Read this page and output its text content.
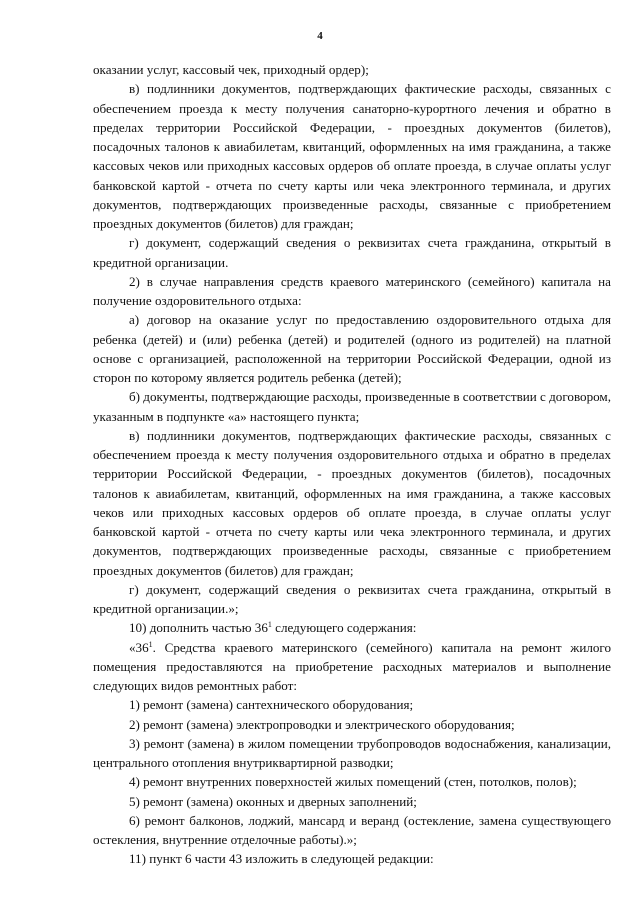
4

оказании услуг, кассовый чек, приходный ордер);

в) подлинники документов, подтверждающих фактические расходы, связанных с обеспечением проезда к месту получения санаторно-курортного лечения и обратно в пределах территории Российской Федерации, - проездных документов (билетов), посадочных талонов к авиабилетам, квитанций, оформленных на имя гражданина, а также кассовых чеков или приходных кассовых ордеров об оплате проезда, в случае оплаты услуг банковской картой - отчета по счету карты или чека электронного терминала, и других документов, подтверждающих произведенные расходы, связанные с приобретением проездных документов (билетов) для граждан;

г) документ, содержащий сведения о реквизитах счета гражданина, открытый в кредитной организации.

2) в случае направления средств краевого материнского (семейного) капитала на получение оздоровительного отдыха:

а) договор на оказание услуг по предоставлению оздоровительного отдыха для ребенка (детей) и (или) ребенка (детей) и родителей (одного из родителей) на платной основе с организацией, расположенной на территории Российской Федерации, одной из сторон по которому является родитель ребенка (детей);

б) документы, подтверждающие расходы, произведенные в соответствии с договором, указанным в подпункте «а» настоящего пункта;

в) подлинники документов, подтверждающих фактические расходы, связанных с обеспечением проезда к месту получения оздоровительного отдыха и обратно в пределах территории Российской Федерации, - проездных документов (билетов), посадочных талонов к авиабилетам, квитанций, оформленных на имя гражданина, а также кассовых чеков или приходных кассовых ордеров об оплате проезда, в случае оплаты услуг банковской картой - отчета по счету карты или чека электронного терминала, и других документов, подтверждающих произведенные расходы, связанные с приобретением проездных документов (билетов) для граждан;

г) документ, содержащий сведения о реквизитах счета гражданина, открытый в кредитной организации.»;

10) дополнить частью $36^1$ следующего содержания:

«$36^1$. Средства краевого материнского (семейного) капитала на ремонт жилого помещения предоставляются на приобретение расходных материалов и выполнение следующих видов ремонтных работ:

1) ремонт (замена) сантехнического оборудования;

2) ремонт (замена) электропроводки и электрического оборудования;

3) ремонт (замена) в жилом помещении трубопроводов водоснабжения, канализации, центрального отопления внутриквартирной разводки;

4) ремонт внутренних поверхностей жилых помещений (стен, потолков, полов);

5) ремонт (замена) оконных и дверных заполнений;

6) ремонт балконов, лоджий, мансард и веранд (остекление, замена существующего остекления, внутренние отделочные работы).»;

11) пункт 6 части 43 изложить в следующей редакции:
